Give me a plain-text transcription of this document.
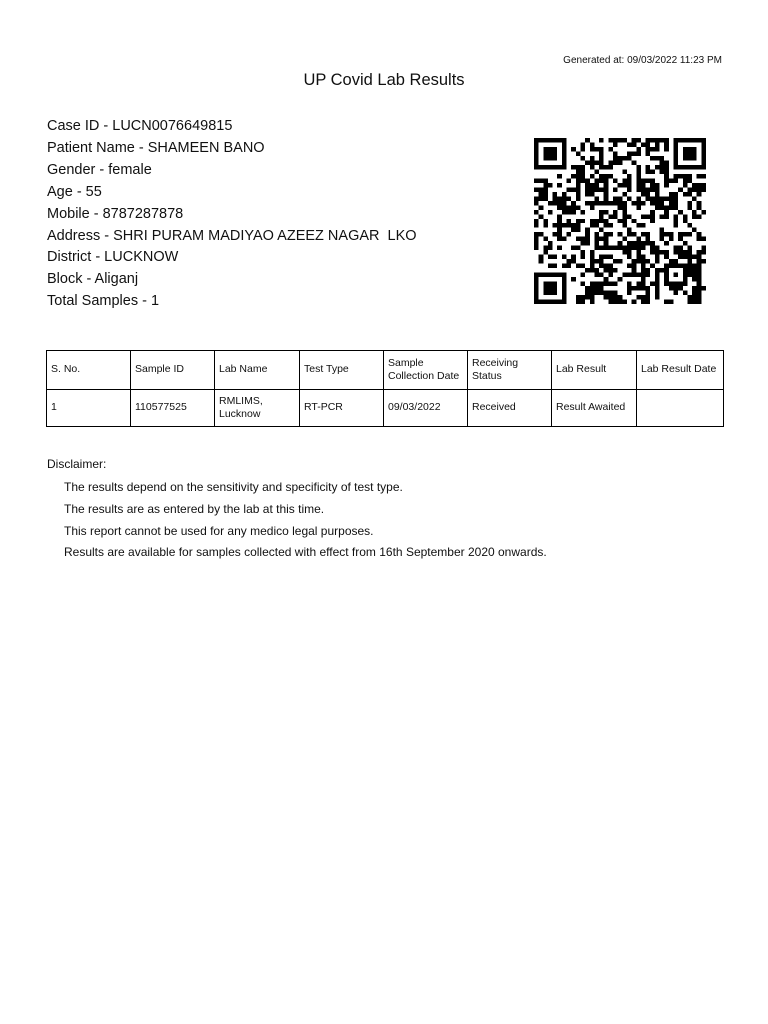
Generated at: 09/03/2022 11:23 PM
UP Covid Lab Results
Case ID - LUCN0076649815
Patient Name - SHAMEEN BANO
Gender - female
Age - 55
Mobile - 8787287878
Address - SHRI PURAM MADIYAO AZEEZ NAGAR  LKO
District - LUCKNOW
Block - Aliganj
Total Samples - 1
S. No.	Sample ID	Lab Name	Test Type	Sample Collection Date	Receiving Status	Lab Result	Lab Result Date
1	110577525	RMLIMS, Lucknow	RT-PCR	09/03/2022	Received	Result Awaited	
Disclaimer:
The results depend on the sensitivity and specificity of test type.
The results are as entered by the lab at this time.
This report cannot be used for any medico legal purposes.
Results are available for samples collected with effect from 16th September 2020 onwards.
